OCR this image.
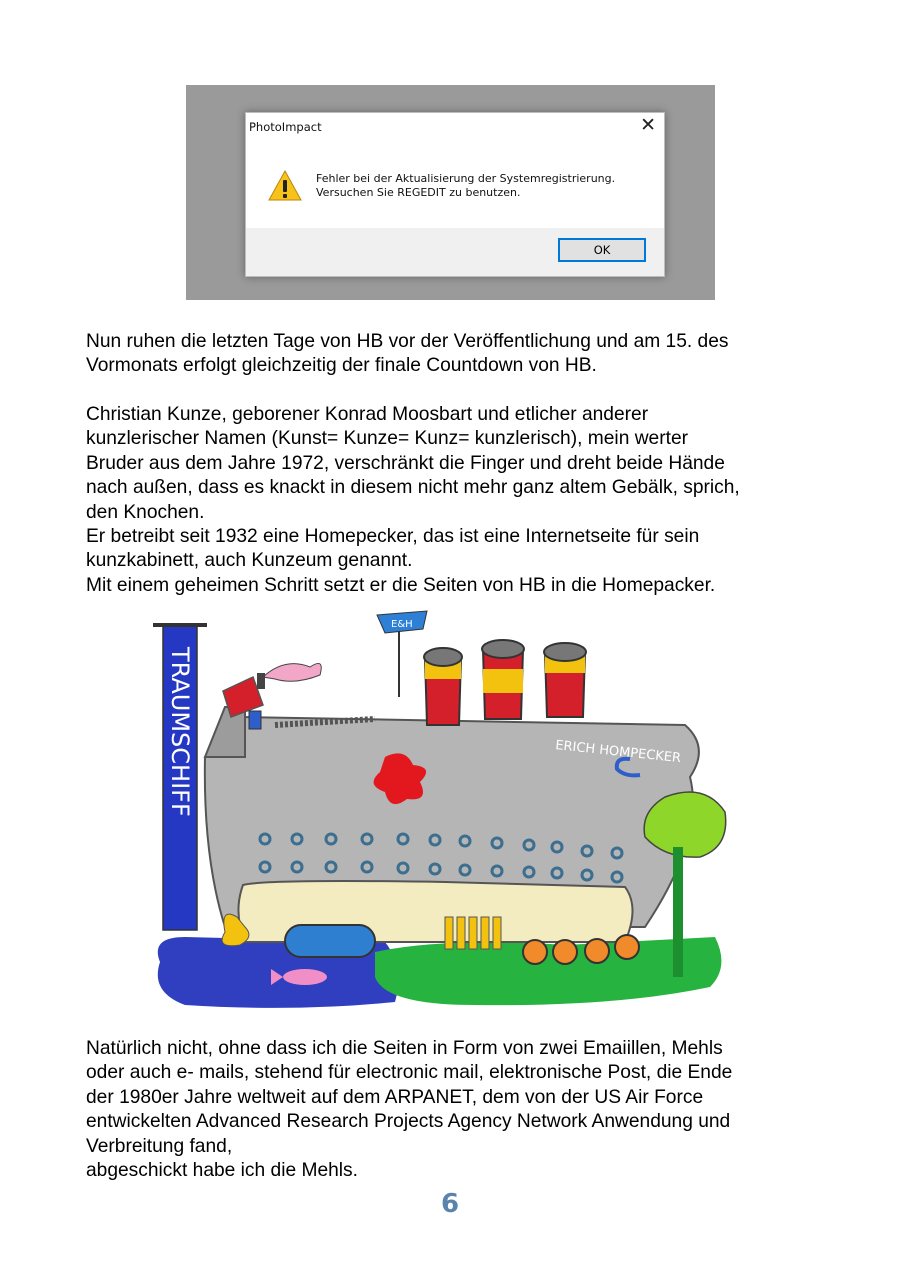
PhotoImpact	✕
Fehler bei der Aktualisierung der Systemregistrierung.
Versuchen Sie REGEDIT zu benutzen.
OK
Nun ruhen die letzten Tage von HB vor der Veröffentlichung und am 15. des
Vormonats erfolgt gleichzeitig der finale Countdown von HB.
Christian Kunze, geborener Konrad Moosbart und etlicher anderer
kunzlerischer Namen (Kunst= Kunze= Kunz= kunzlerisch), mein werter
Bruder aus dem Jahre 1972, verschränkt die Finger und dreht beide Hände
nach außen, dass es knackt in diesem nicht mehr ganz altem Gebälk, sprich,
den Knochen.
Er betreibt seit 1932 eine Homepecker, das ist eine Internetseite für sein
kunzkabinett, auch Kunzeum genannt.
Mit einem geheimen Schritt setzt er die Seiten von HB in die Homepacker.
E&H
ERICH HOMPECKER
TRAUMSCHIFF
Natürlich nicht, ohne dass ich die Seiten in Form von zwei Emaiillen, Mehls
oder auch e- mails, stehend für electronic mail, elektronische Post, die Ende
der 1980er Jahre weltweit auf dem ARPANET, dem von der US Air Force
entwickelten Advanced Research Projects Agency Network Anwendung und
Verbreitung fand,
abgeschickt habe ich die Mehls.
6
